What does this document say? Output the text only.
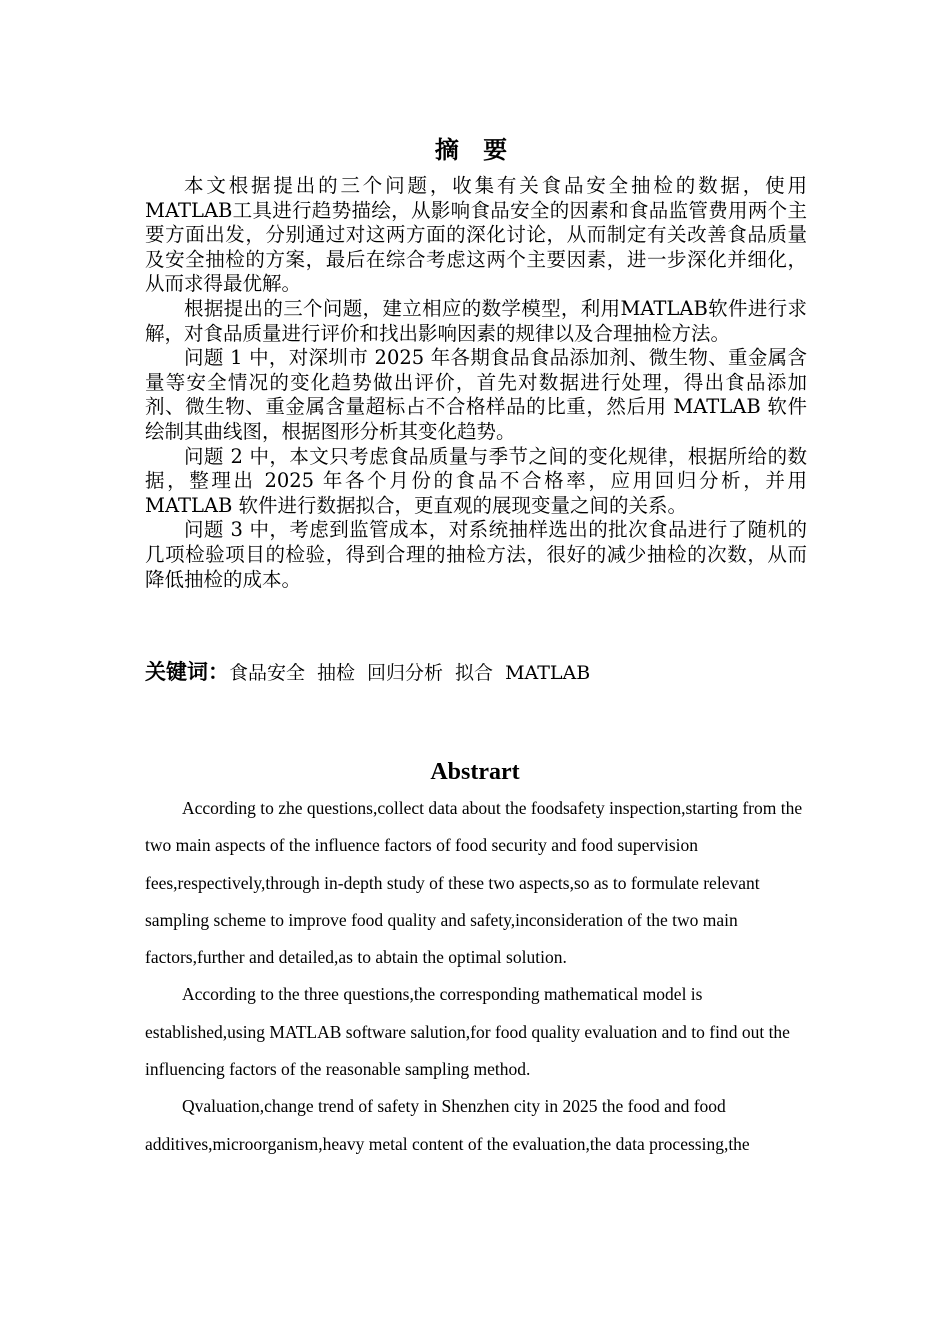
摘 要

本文根据提出的三个问题，收集有关食品安全抽检的数据，使用MATLAB工具进行趋势描绘，从影响食品安全的因素和食品监管费用两个主要方面出发，分别通过对这两方面的深化讨论，从而制定有关改善食品质量及安全抽检的方案，最后在综合考虑这两个主要因素，进一步深化并细化，从而求得最优解。

根据提出的三个问题，建立相应的数学模型，利用MATLAB软件进行求解，对食品质量进行评价和找出影响因素的规律以及合理抽检方法。

问题 1 中，对深圳市 2025 年各期食品食品添加剂、微生物、重金属含量等安全情况的变化趋势做出评价，首先对数据进行处理，得出食品添加剂、微生物、重金属含量超标占不合格样品的比重，然后用 MATLAB 软件绘制其曲线图，根据图形分析其变化趋势。

问题 2 中，本文只考虑食品质量与季节之间的变化规律，根据所给的数据，整理出 2025 年各个月份的食品不合格率，应用回归分析，并用 MATLAB 软件进行数据拟合，更直观的展现变量之间的关系。

问题 3 中，考虑到监管成本，对系统抽样选出的批次食品进行了随机的几项检验项目的检验，得到合理的抽检方法，很好的减少抽检的次数，从而降低抽检的成本。

关键词：食品安全 抽检 回归分析 拟合 MATLAB
Abstrart

According to zhe questions,collect data about the foodsafety inspection,starting from the two main aspects of the influence factors of food security and food supervision fees,respectively,through in-depth study of these two aspects,so as to formulate relevant sampling scheme to improve food quality and safety,inconsideration of the two main factors,further and detailed,as to abtain the optimal solution.

According to the three questions,the corresponding mathematical model is established,using MATLAB software salution,for food quality evaluation and to find out the influencing factors of the reasonable sampling method.

Qvaluation,change trend of safety in Shenzhen city in 2025 the food and food additives,microorganism,heavy metal content of the evaluation,the data processing,the
